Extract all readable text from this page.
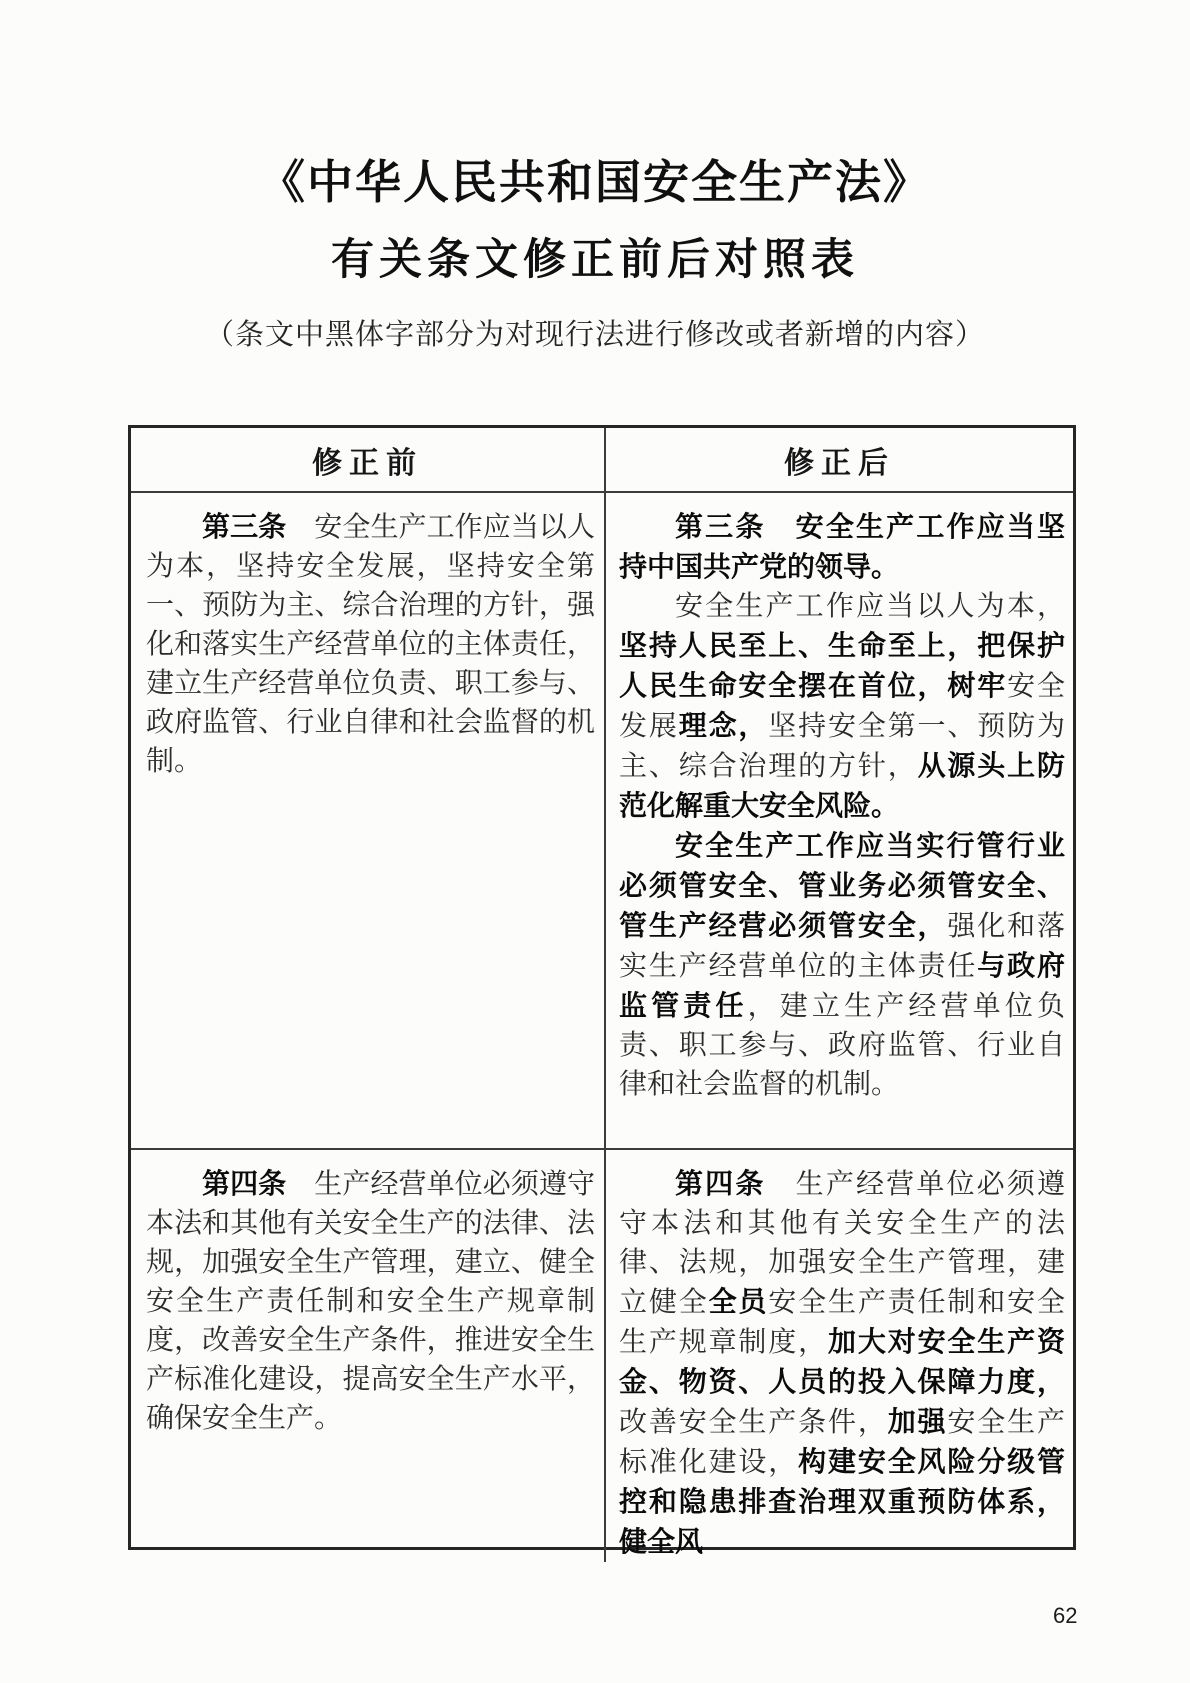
《中华人民共和国安全生产法》
有关条文修正前后对照表
（条文中黑体字部分为对现行法进行修改或者新增的内容）
修正前	修正后

第三条　安全生产工作应当以人为本，坚持安全发展，坚持安全第一、预防为主、综合治理的方针，强化和落实生产经营单位的主体责任，建立生产经营单位负责、职工参与、政府监管、行业自律和社会监督的机制。

第三条　安全生产工作应当坚持中国共产党的领导。

安全生产工作应当以人为本，坚持人民至上、生命至上，把保护人民生命安全摆在首位，树牢安全发展理念，坚持安全第一、预防为主、综合治理的方针，从源头上防范化解重大安全风险。

安全生产工作应当实行管行业必须管安全、管业务必须管安全、管生产经营必须管安全，强化和落实生产经营单位的主体责任与政府监管责任，建立生产经营单位负责、职工参与、政府监管、行业自律和社会监督的机制。

第四条　生产经营单位必须遵守本法和其他有关安全生产的法律、法规，加强安全生产管理，建立、健全安全生产责任制和安全生产规章制度，改善安全生产条件，推进安全生产标准化建设，提高安全生产水平，确保安全生产。

第四条　生产经营单位必须遵守本法和其他有关安全生产的法律、法规，加强安全生产管理，建立健全全员安全生产责任制和安全生产规章制度，加大对安全生产资金、物资、人员的投入保障力度，改善安全生产条件，加强安全生产标准化建设，构建安全风险分级管控和隐患排查治理双重预防体系，健全风

62
